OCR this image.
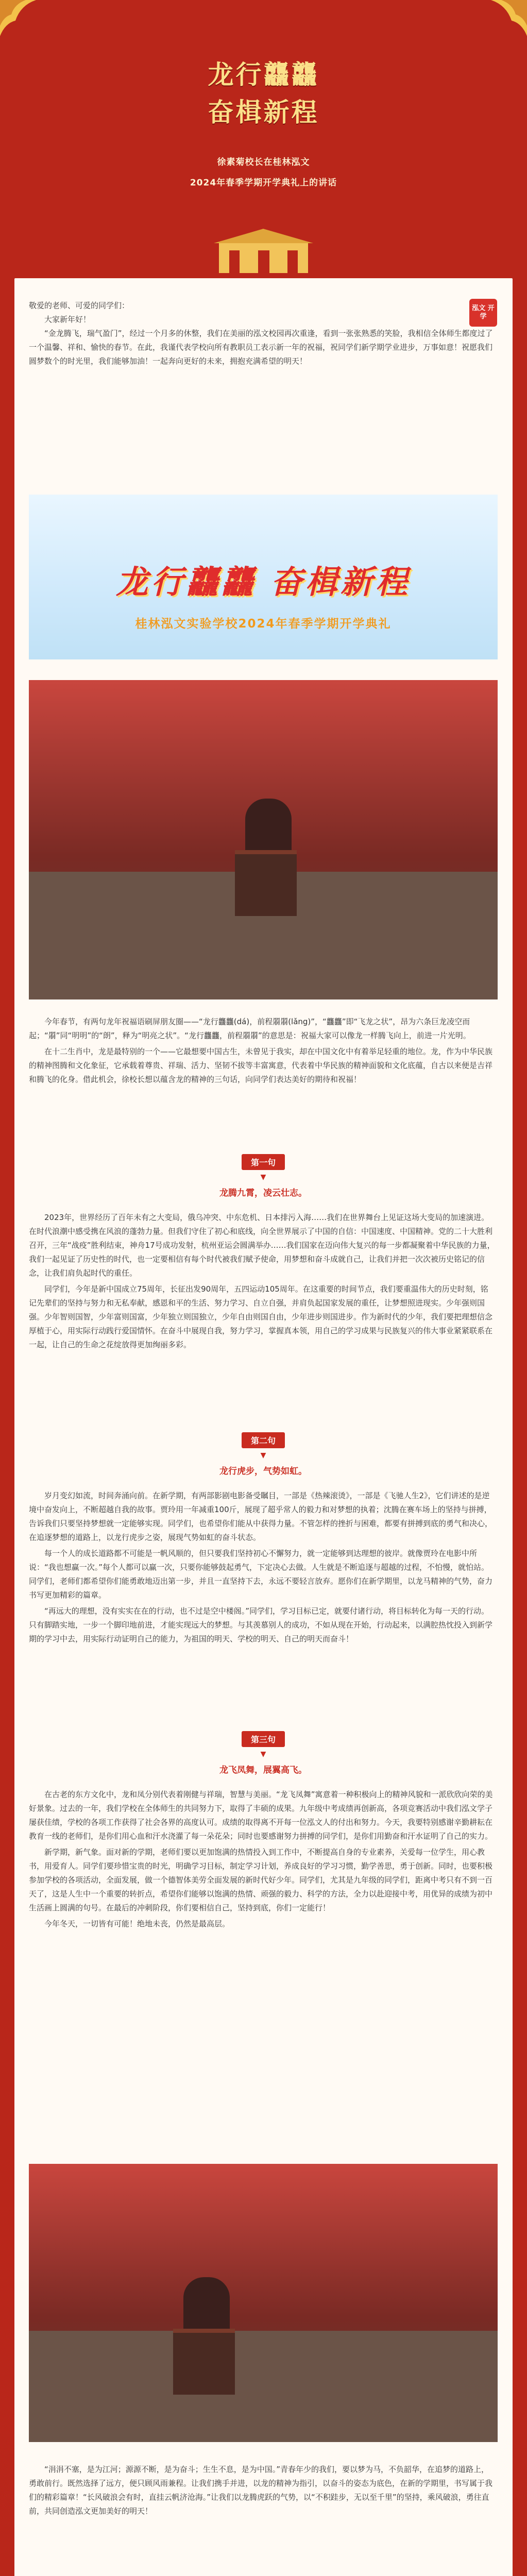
龙行龘龘
奋楫新程
徐素菊校长在桂林泓文
2024年春季学期开学典礼上的讲话

敬爱的老师、可爱的同学们：

大家新年好！

“金龙腾飞，瑞气盈门”，经过一个月多的休整，我们在美丽的泓文校园再次重逢，看到一张张熟悉的笑脸，我相信全体师生都度过了一个温馨、祥和、愉快的春节。在此，我谨代表学校向所有教职员工表示新一年的祝福，祝同学们新学期学业进步，万事如意！祝愿我们圆梦数个的时光里，我们能够加油！一起奔向更好的未来，拥抱充满希望的明天！

泓文 开学
龙行龘龘 奋楫新程
桂林泓文实验学校2024年春季学期开学典礼

今年春节，有两句龙年祝福语刷屏朋友圈——“龙行龘龘(dá)，前程朤朤(lǎng)”，“龘龘”即“飞龙之状”，昂为六条巨龙凌空而起；“朤”同“明明”的“朗”，释为“明亮之状”。“龙行龘龘，前程朤朤”的意思是：祝福大家可以像龙一样腾飞向上，前进一片光明。

在十二生肖中，龙是最特别的一个——它最想要中国古生，未曾见于我实，却在中国文化中有着举足轻重的地位。龙，作为中华民族的精神图腾和文化象征，它承载着尊贵、祥瑞、活力、坚韧不拔等丰富寓意，代表着中华民族的精神面貌和文化底蕴，自古以来便是吉祥和腾飞的化身。借此机会，徐校长想以蕴含龙的精神的三句话，向同学们表达美好的期待和祝福！

第一句
▼
龙腾九霄，凌云壮志。

2023年，世界经历了百年未有之大变局，俄乌冲突、中东危机、日本排污入海……我们在世界舞台上见证这场大变局的加速演进。在时代浪潮中感受携在风浪的蓬勃力量。但我们守住了初心和底线，向全世界展示了中国的自信：中国速度、中国精神。党的二十大胜利召开，三年“战疫”胜利结束，神舟17号成功发射，杭州亚运会圆满举办……我们国家在迈向伟大复兴的每一步都凝聚着中华民族的力量，我们一起见证了历史性的时代，也一定要相信有每个时代被我们赋予使命，用梦想和奋斗成就自己，让我们并把一次次被历史铭记的信念，让我们肩负起时代的重任。

同学们，今年是新中国成立75周年，长征出发90周年，五四运动105周年。在这重要的时间节点，我们要重温伟大的历史时刻，铭记先辈们的坚持与努力和无私奉献，感恩和平的生活、努力学习、自立自强，并肩负起国家发展的重任，让梦想照进现实。少年强则国强。少年智则国智，少年富则国富，少年独立则国独立，少年自由则国自由，少年进步则国进步。作为新时代的少年，我们要把理想信念厚植于心，用实际行动践行爱国情怀。在奋斗中展现自我，努力学习，掌握真本领，用自己的学习成果与民族复兴的伟大事业紧紧联系在一起，让自己的生命之花绽放得更加绚丽多彩。

第二句
▼
龙行虎步，气势如虹。

岁月变幻如流，时间奔涌向前。在新学期，有两部影剧电影备受瞩目，一部是《热辣滚烫》，一部是《飞驰人生2》，它们讲述的是逆境中奋发向上，不断超越自我的故事。贾玲用一年减重100斤，展现了超乎常人的毅力和对梦想的执着；沈腾在赛车场上的坚持与拼搏，告诉我们只要坚持梦想就一定能够实现。同学们，也希望你们能从中获得力量。不管怎样的挫折与困难，都要有拼搏到底的勇气和决心，在追逐梦想的道路上，以龙行虎步之姿，展现气势如虹的奋斗状态。

每一个人的成长道路都不可能是一帆风顺的，但只要我们坚持初心不懈努力，就一定能够到达理想的彼岸。就像贾玲在电影中所说：“我也想赢一次。”每个人都可以赢一次，只要你能够鼓起勇气，下定决心去做。人生就是不断追逐与超越的过程，不怕慢，就怕站。同学们，老师们都希望你们能勇敢地迈出第一步，并且一直坚持下去，永远不要轻言放弃。愿你们在新学期里，以龙马精神的气势，奋力书写更加精彩的篇章。

“再远大的理想，没有实实在在的行动，也不过是空中楼阁。”同学们，学习目标已定，就要付诸行动，将目标转化为每一天的行动。只有脚踏实地，一步一个脚印地前进，才能实现远大的梦想。与其羡慕别人的成功，不如从现在开始，行动起来，以满腔热忱投入到新学期的学习中去，用实际行动证明自己的能力，为祖国的明天、学校的明天、自己的明天而奋斗！

第三句
▼
龙飞凤舞，展翼高飞。

在古老的东方文化中，龙和凤分别代表着刚健与祥瑞，智慧与美丽。“龙飞凤舞”寓意着一种积极向上的精神风貌和一派欣欣向荣的美好景象。过去的一年，我们学校在全体师生的共同努力下，取得了丰硕的成果。九年级中考成绩再创新高，各项竞赛活动中我们泓文学子屡获佳绩，学校的各项工作获得了社会各界的高度认可。成绩的取得离不开每一位泓文人的付出和努力。今天，我要特别感谢辛勤耕耘在教育一线的老师们，是你们用心血和汗水浇灌了每一朵花朵；同时也要感谢努力拼搏的同学们，是你们用勤奋和汗水证明了自己的实力。

新学期，新气象。面对新的学期，老师们要以更加饱满的热情投入到工作中，不断提高自身的专业素养，关爱每一位学生，用心教书，用爱育人。同学们要珍惜宝贵的时光，明确学习目标，制定学习计划，养成良好的学习习惯，勤学善思，勇于创新。同时，也要积极参加学校的各项活动，全面发展，做一个德智体美劳全面发展的新时代好少年。同学们，尤其是九年级的同学们，距离中考只有不到一百天了，这是人生中一个重要的转折点，希望你们能够以饱满的热情、顽强的毅力、科学的方法，全力以赴迎接中考，用优异的成绩为初中生活画上圆满的句号。在最后的冲刺阶段，你们要相信自己，坚持到底，你们一定能行！

今年冬天，一切皆有可能！绝地未丧，仍然是最高层。

“涓涓不塞，是为江河；源源不断，是为奋斗；生生不息，是为中国。”青春年少的我们，要以梦为马，不负韶华，在追梦的道路上，勇敢前行。既然选择了远方，便只顾风雨兼程。让我们携手并进，以龙的精神为指引，以奋斗的姿态为底色，在新的学期里，书写属于我们的精彩篇章！“长风破浪会有时，直挂云帆济沧海。”让我们以龙腾虎跃的气势，以“不积跬步，无以至千里”的坚持，乘风破浪，勇往直前，共同创造泓文更加美好的明天！
